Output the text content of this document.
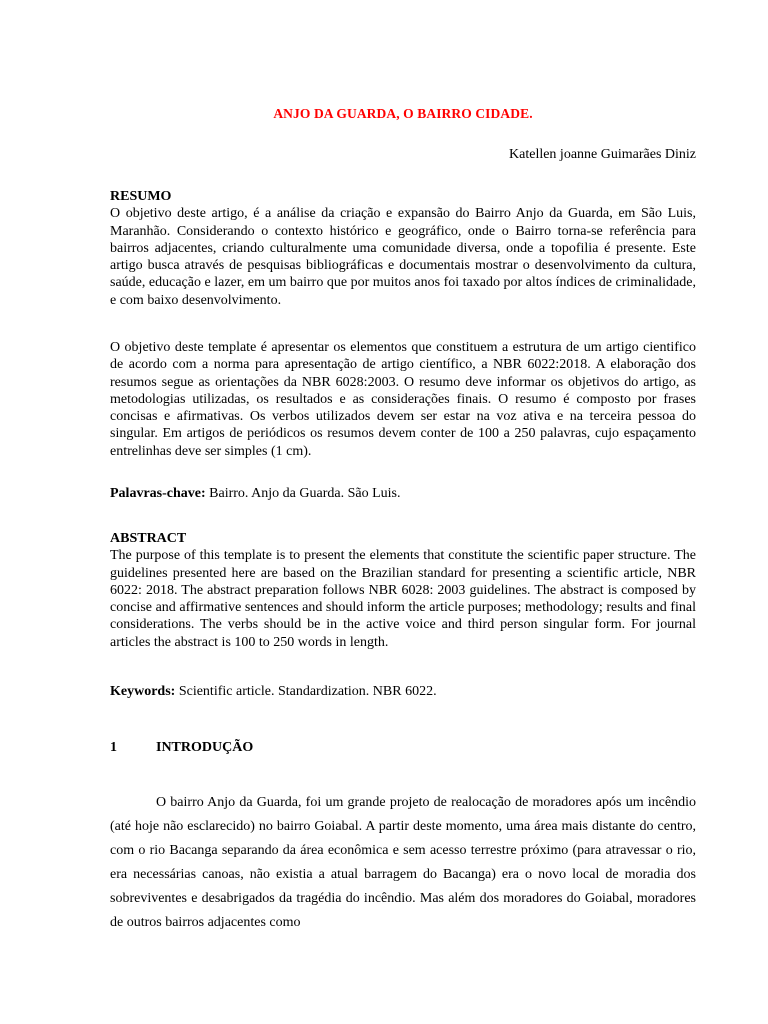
ANJO DA GUARDA, O BAIRRO CIDADE.
Katellen joanne Guimarães Diniz
RESUMO
O objetivo deste artigo, é a análise da criação e expansão do Bairro Anjo da Guarda, em São Luis, Maranhão. Considerando o contexto histórico e geográfico, onde o Bairro torna-se referência para bairros adjacentes, criando culturalmente uma comunidade diversa, onde a topofilia é presente. Este artigo busca através de pesquisas bibliográficas e documentais mostrar o desenvolvimento da cultura, saúde, educação e lazer, em um bairro que por muitos anos foi taxado por altos índices de criminalidade, e com baixo desenvolvimento.
O objetivo deste template é apresentar os elementos que constituem a estrutura de um artigo cientifico de acordo com a norma para apresentação de artigo científico, a NBR 6022:2018. A elaboração dos resumos segue as orientações da NBR 6028:2003. O resumo deve informar os objetivos do artigo, as metodologias utilizadas, os resultados e as considerações finais. O resumo é composto por frases concisas e afirmativas. Os verbos utilizados devem ser estar na voz ativa e na terceira pessoa do singular. Em artigos de periódicos os resumos devem conter de 100 a 250 palavras, cujo espaçamento entrelinhas deve ser simples (1 cm).
Palavras-chave: Bairro. Anjo da Guarda. São Luis.
ABSTRACT
The purpose of this template is to present the elements that constitute the scientific paper structure. The guidelines presented here are based on the Brazilian standard for presenting a scientific article, NBR 6022: 2018. The abstract preparation follows NBR 6028: 2003 guidelines. The abstract is composed by concise and affirmative sentences and should inform the article purposes; methodology; results and final considerations. The verbs should be in the active voice and third person singular form. For journal articles the abstract is 100 to 250 words in length.
Keywords: Scientific article. Standardization. NBR 6022.
1	INTRODUÇÃO
O bairro Anjo da Guarda, foi um grande projeto de realocação de moradores após um incêndio (até hoje não esclarecido) no bairro Goiabal. A partir deste momento, uma área mais distante do centro, com o rio Bacanga separando da área econômica e sem acesso terrestre próximo (para atravessar o rio, era necessárias canoas, não existia a atual barragem do Bacanga) era o novo local de moradia dos sobreviventes e desabrigados da tragédia do incêndio. Mas além dos moradores do Goiabal, moradores de outros bairros adjacentes como
